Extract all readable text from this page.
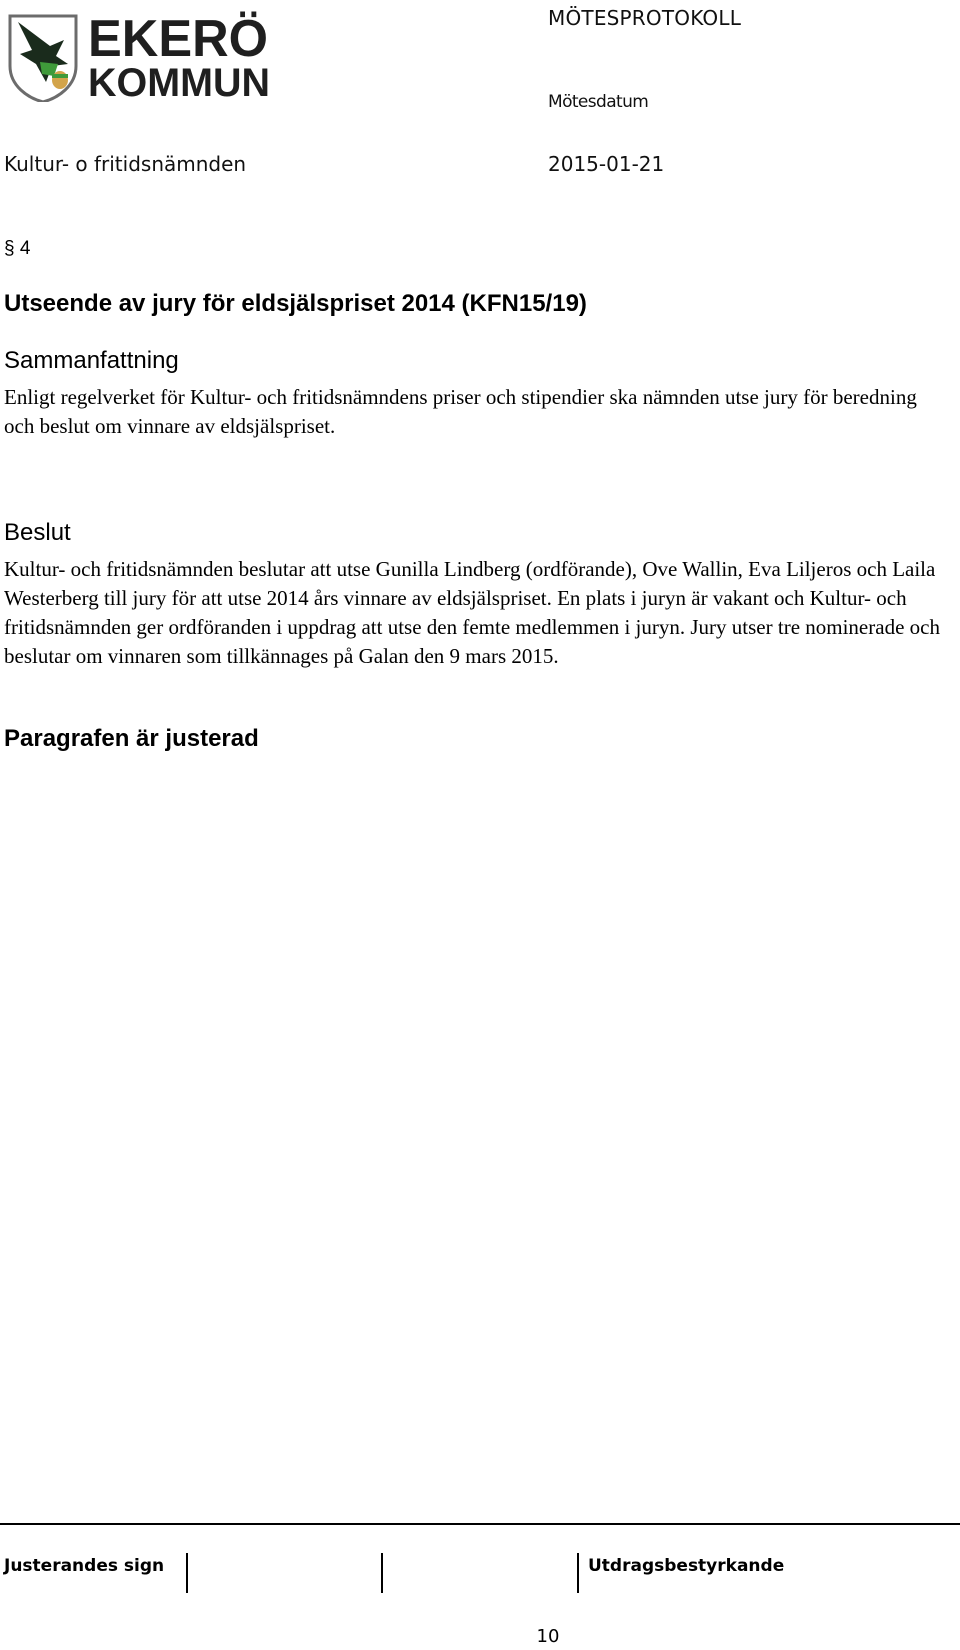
EKERÖ
KOMMUN
MÖTESPROTOKOLL
Mötesdatum
Kultur- o fritidsnämnden	2015-01-21
§ 4
Utseende av jury för eldsjälspriset 2014 (KFN15/19)
Sammanfattning
Enligt regelverket för Kultur- och fritidsnämndens priser och stipendier ska nämnden utse jury för beredning och beslut om vinnare av eldsjälspriset.
Beslut
Kultur- och fritidsnämnden beslutar att utse Gunilla Lindberg (ordförande), Ove Wallin, Eva Liljeros och Laila Westerberg till jury för att utse 2014 års vinnare av eldsjälspriset. En plats i juryn är vakant och Kultur- och fritidsnämnden ger ordföranden i uppdrag att utse den femte medlemmen i juryn. Jury utser tre nominerade och beslutar om vinnaren som tillkännages på Galan den 9 mars 2015.
Paragrafen är justerad
Justerandes sign	Utdragsbestyrkande
10
